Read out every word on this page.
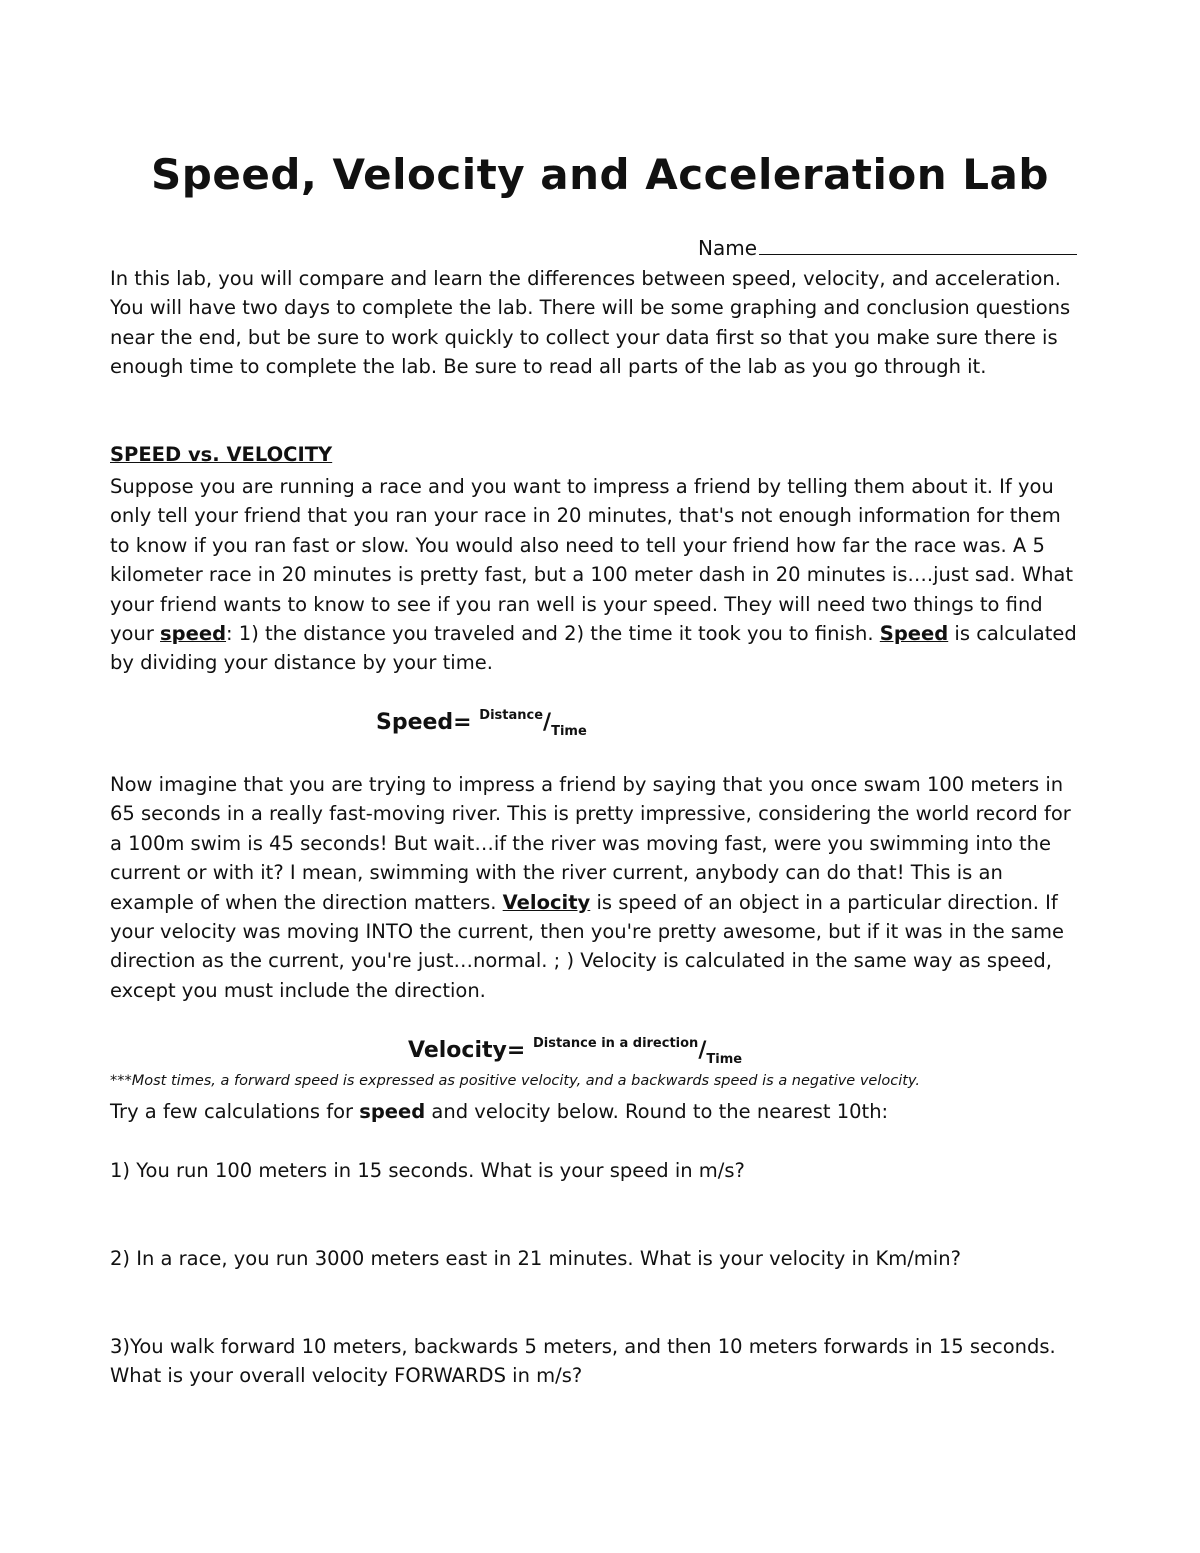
Speed, Velocity and Acceleration Lab
Name

In this lab, you will compare and learn the differences between speed, velocity, and acceleration. You will have two days to complete the lab. There will be some graphing and conclusion questions near the end, but be sure to work quickly to collect your data first so that you make sure there is enough time to complete the lab. Be sure to read all parts of the lab as you go through it.

SPEED vs. VELOCITY

Suppose you are running a race and you want to impress a friend by telling them about it. If you only tell your friend that you ran your race in 20 minutes, that's not enough information for them to know if you ran fast or slow. You would also need to tell your friend how far the race was. A 5 kilometer race in 20 minutes is pretty fast, but a 100 meter dash in 20 minutes is….just sad. What your friend wants to know to see if you ran well is your speed. They will need two things to find your speed: 1) the distance you traveled and 2) the time it took you to finish. Speed is calculated by dividing your distance by your time.

Speed= $^{Distance}/_{Time}$

Now imagine that you are trying to impress a friend by saying that you once swam 100 meters in 65 seconds in a really fast-moving river. This is pretty impressive, considering the world record for a 100m swim is 45 seconds! But wait…if the river was moving fast, were you swimming into the current or with it? I mean, swimming with the river current, anybody can do that! This is an example of when the direction matters. Velocity is speed of an object in a particular direction. If your velocity was moving INTO the current, then you're pretty awesome, but if it was in the same direction as the current, you're just…normal. ; ) Velocity is calculated in the same way as speed, except you must include the direction.

Velocity= $^{Distance in a direction}/_{Time}$
***Most times, a forward speed is expressed as positive velocity, and a backwards speed is a negative velocity.

Try a few calculations for speed and velocity below. Round to the nearest 10th:

1) You run 100 meters in 15 seconds. What is your speed in m/s?

2) In a race, you run 3000 meters east in 21 minutes. What is your velocity in Km/min?

3)You walk forward 10 meters, backwards 5 meters, and then 10 meters forwards in 15 seconds. What is your overall velocity FORWARDS in m/s?
